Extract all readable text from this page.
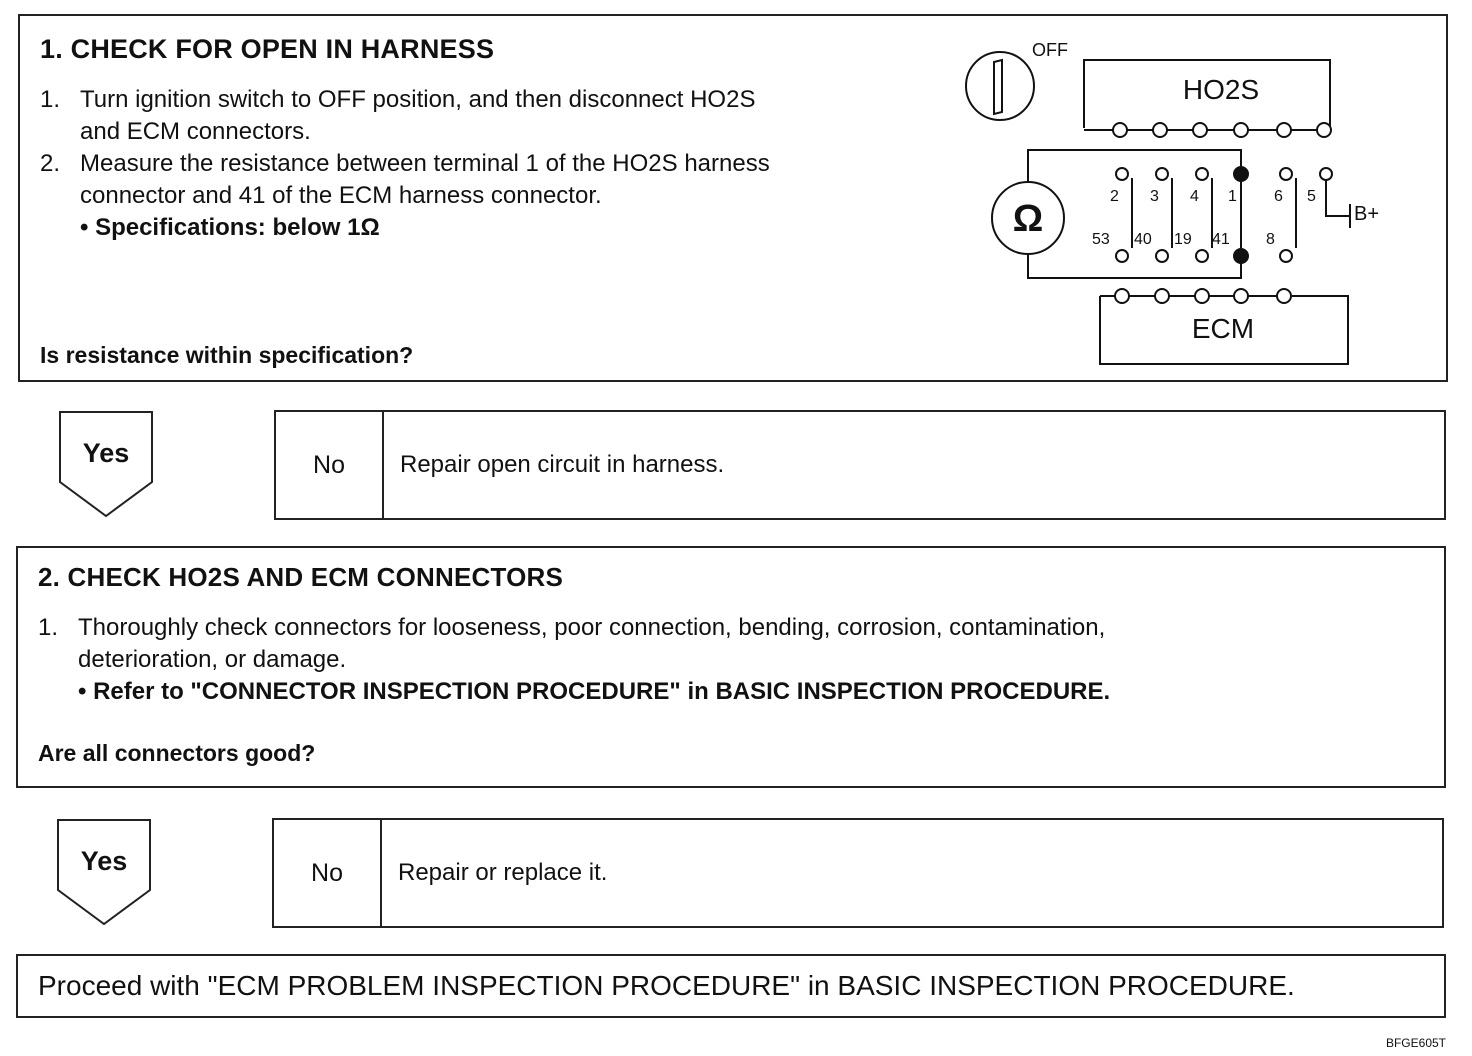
1. CHECK FOR OPEN IN HARNESS
1. Turn ignition switch to OFF position, and then disconnect HO2S
and ECM connectors.
2. Measure the resistance between terminal 1 of the HO2S harness
connector and 41 of the ECM harness connector.
• Specifications: below 1Ω
Is resistance within specification?
OFF
HO2S
Ω
2 3 4 1 6 5
B+
53 40 19 41 8
ECM
Yes	No	Repair open circuit in harness.
2. CHECK HO2S AND ECM CONNECTORS
1. Thoroughly check connectors for looseness, poor connection, bending, corrosion, contamination,
deterioration, or damage.
• Refer to "CONNECTOR INSPECTION PROCEDURE" in BASIC INSPECTION PROCEDURE.
Are all connectors good?
Yes	No	Repair or replace it.
Proceed with "ECM PROBLEM INSPECTION PROCEDURE" in BASIC INSPECTION PROCEDURE.
BFGE605T
